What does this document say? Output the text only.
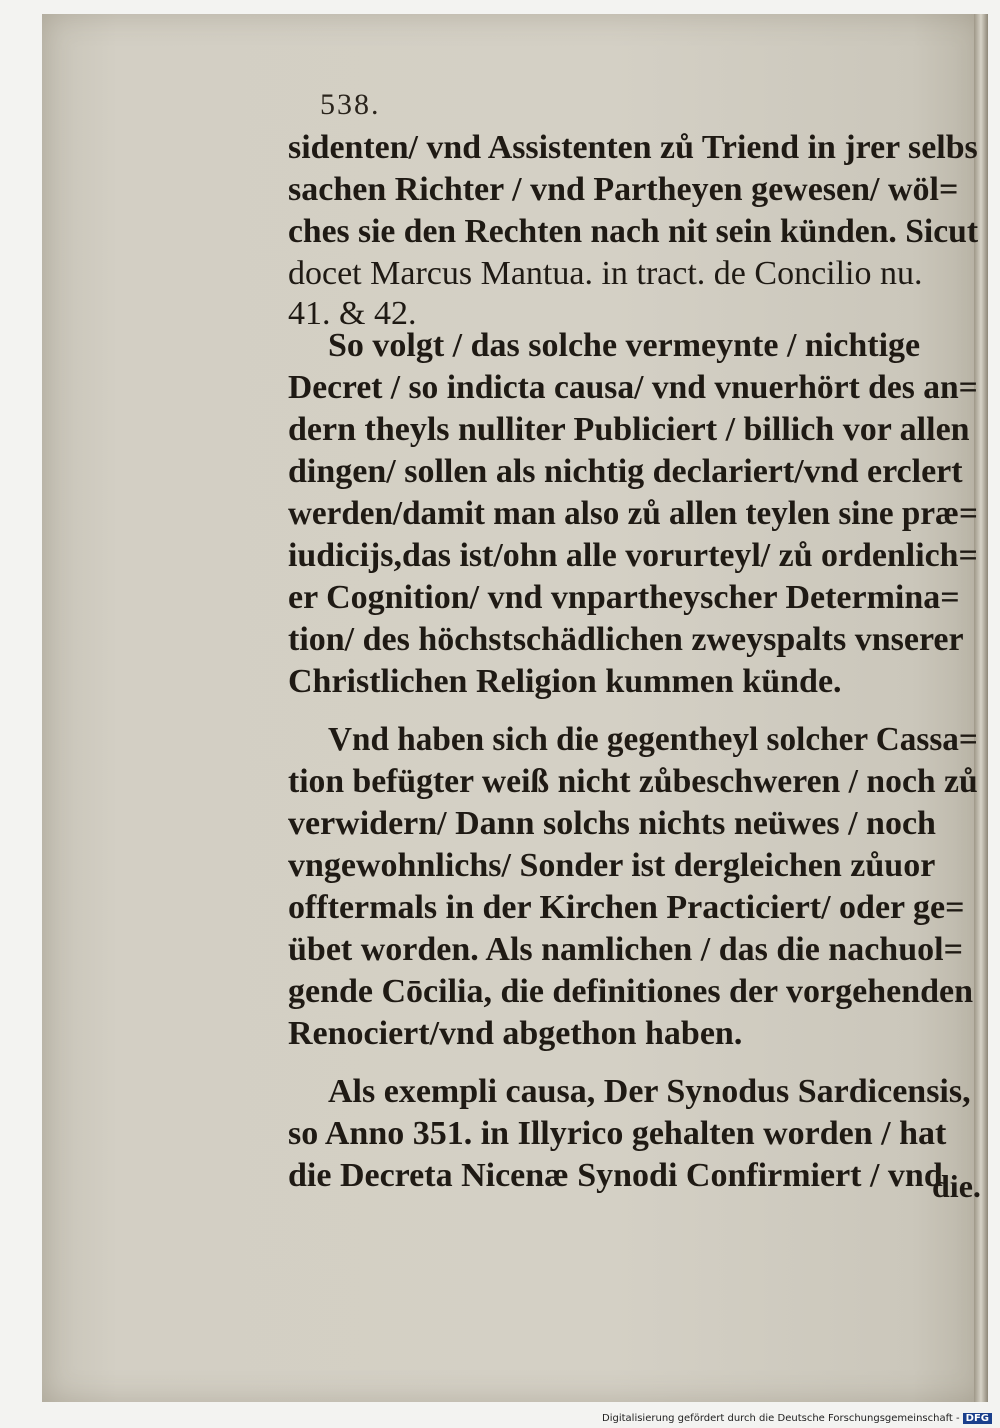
538.
sidenten/ vnd Assistenten zů Triend in jrer selbs
sachen Richter / vnd Partheyen gewesen/ wöl=
ches sie den Rechten nach nit sein künden. Sicut
docet Marcus Mantua. in tract. de Concilio nu.
41. & 42.
So volgt / das solche vermeynte / nichtige
Decret / so indicta causa/ vnd vnuerhört des an=
dern theyls nulliter Publiciert / billich vor allen
dingen/ sollen als nichtig declariert/vnd erclert
werden/damit man also zů allen teylen sine præ=
iudicijs,das ist/ohn alle vorurteyl/ zů ordenlich=
er Cognition/ vnd vnpartheyscher Determina=
tion/ des höchstschädlichen zweyspalts vnserer
Christlichen Religion kummen künde.
Vnd haben sich die gegentheyl solcher Cassa=
tion befügter weiß nicht zůbeschweren / noch zů
verwidern/ Dann solchs nichts neüwes / noch
vngewohnlichs/ Sonder ist dergleichen zůuor
offtermals in der Kirchen Practiciert/ oder ge=
übet worden. Als namlichen / das die nachuol=
gende Cōcilia, die definitiones der vorgehenden
Renociert/vnd abgethon haben.
Als exempli causa, Der Synodus Sardicensis,
so Anno 351. in Illyrico gehalten worden / hat
die Decreta Nicenæ Synodi Confirmiert / vnd
die.
Digitalisierung gefördert durch die Deutsche Forschungsgemeinschaft - DFG
